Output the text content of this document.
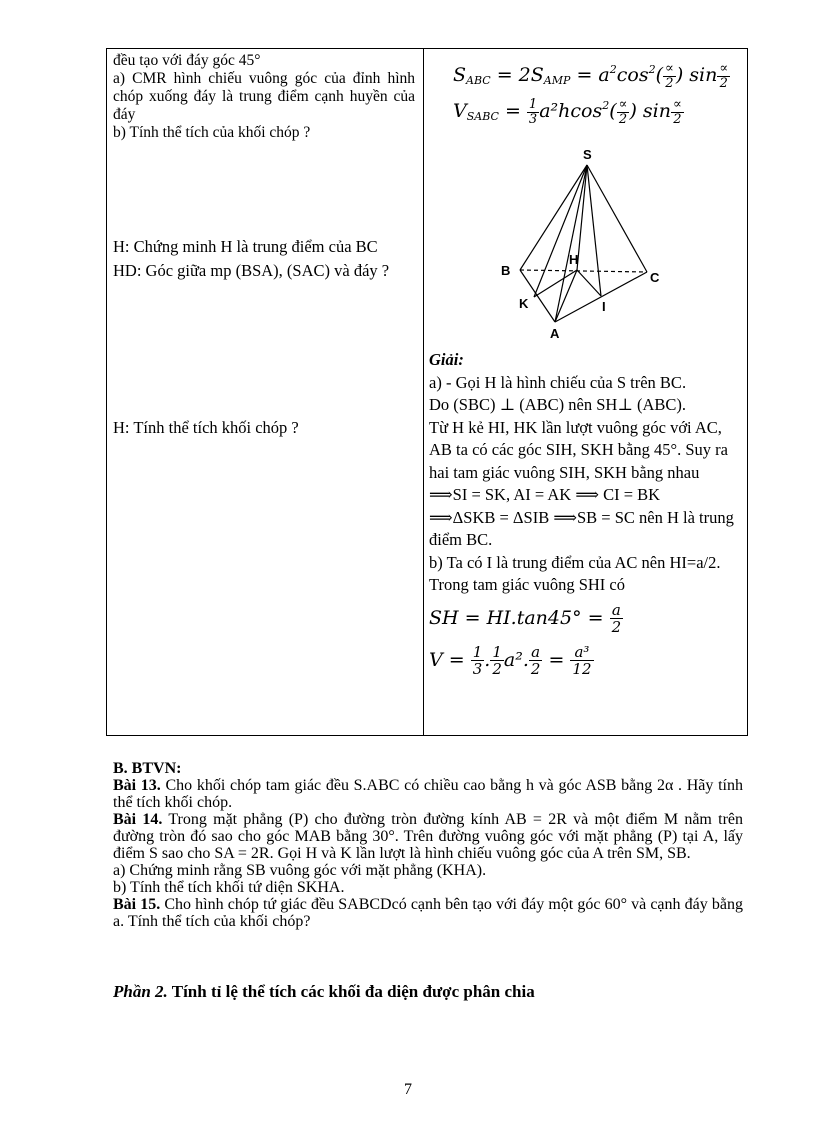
đều tạo với đáy góc 45°
a) CMR hình chiếu vuông góc của đỉnh hình chóp xuống đáy là trung điểm cạnh huyền của đáy
b) Tính thể tích của khối chóp ?
H: Chứng minh H là trung điểm của BC
HD: Góc giữa mp (BSA), (SAC) và đáy ?
H: Tính thể tích khối chóp ?
$S_{ABC} = 2S_{AMP} = a^2\cos^2( \frac{\propto}{2}$ ) $\sin \frac{\propto}{2}$
$V_{SABC} = \frac{1}{3} a^2hcos^2( \frac{\propto}{2}$ ) $\sin \frac{\propto}{2}$
S
B	C
H
K	I
A
Giải:
a) - Gọi H là hình chiếu của S trên BC.
Do (SBC) ⊥ (ABC) nên SH⊥ (ABC).
Từ H kẻ HI, HK lần lượt vuông góc với AC, AB ta có các góc SIH, SKH bằng 45°. Suy ra hai tam giác vuông SIH, SKH bằng nhau
⟹SI = SK, AI = AK ⟹ CI = BK
⟹ΔSKB = ΔSIB ⟹SB = SC nên H là trung điểm BC.
b) Ta có I là trung điểm của AC nên HI=a/2. Trong tam giác vuông SHI có
SH = $HI.\tan 45^\circ = \frac{a}{2}$
$V = \frac{1}{3}$ . $\frac{1}{2} a^2$. $\frac{a}{2} = \frac{\text{a³}}{12}$
B. BTVN:
Bài 13. Cho khối chóp tam giác đều S.ABC có chiều cao bằng h và góc ASB bằng 2α . Hãy tính thể tích khối chóp.
Bài 14. Trong mặt phẳng (P) cho đường tròn đường kính AB = 2R và một điểm M nằm trên đường tròn đó sao cho góc MAB bằng 30°. Trên đường vuông góc với mặt phẳng (P) tại A, lấy điểm S sao cho SA = 2R. Gọi H và K lần lượt là hình chiếu vuông góc của A trên SM, SB.
a) Chứng minh rằng SB vuông góc với mặt phẳng (KHA).
b) Tính thể tích khối tứ diện SKHA.
Bài 15. Cho hình chóp tứ giác đều SABCDcó cạnh bên tạo với đáy một góc 60° và cạnh đáy bằng a. Tính thể tích của khối chóp?
Phần 2. Tính tỉ lệ thể tích các khối đa diện được phân chia
7
